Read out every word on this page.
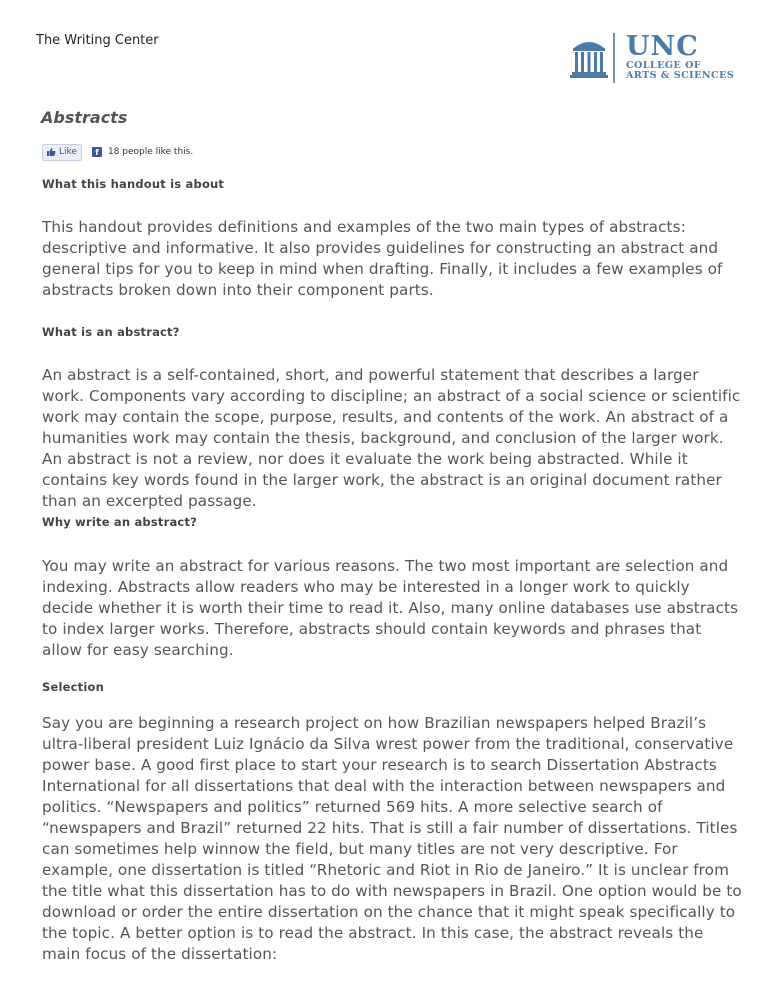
The Writing Center	UNC
COLLEGE OF
ARTS & SCIENCES
Abstracts
Like	f	18 people like this.
What this handout is about

This handout provides definitions and examples of the two main types of abstracts: descriptive and informative. It also provides guidelines for constructing an abstract and general tips for you to keep in mind when drafting. Finally, it includes a few examples of abstracts broken down into their component parts.

What is an abstract?

An abstract is a self-contained, short, and powerful statement that describes a larger work. Components vary according to discipline; an abstract of a social science or scientific work may contain the scope, purpose, results, and contents of the work. An abstract of a humanities work may contain the thesis, background, and conclusion of the larger work. An abstract is not a review, nor does it evaluate the work being abstracted. While it contains key words found in the larger work, the abstract is an original document rather than an excerpted passage.

Why write an abstract?

You may write an abstract for various reasons. The two most important are selection and indexing. Abstracts allow readers who may be interested in a longer work to quickly decide whether it is worth their time to read it. Also, many online databases use abstracts to index larger works. Therefore, abstracts should contain keywords and phrases that allow for easy searching.

Selection

Say you are beginning a research project on how Brazilian newspapers helped Brazil’s ultra-liberal president Luiz Ignácio da Silva wrest power from the traditional, conservative power base. A good first place to start your research is to search Dissertation Abstracts International for all dissertations that deal with the interaction between newspapers and politics. “Newspapers and politics” returned 569 hits. A more selective search of “newspapers and Brazil” returned 22 hits. That is still a fair number of dissertations. Titles can sometimes help winnow the field, but many titles are not very descriptive. For example, one dissertation is titled “Rhetoric and Riot in Rio de Janeiro.” It is unclear from the title what this dissertation has to do with newspapers in Brazil. One option would be to download or order the entire dissertation on the chance that it might speak specifically to the topic. A better option is to read the abstract. In this case, the abstract reveals the main focus of the dissertation:
